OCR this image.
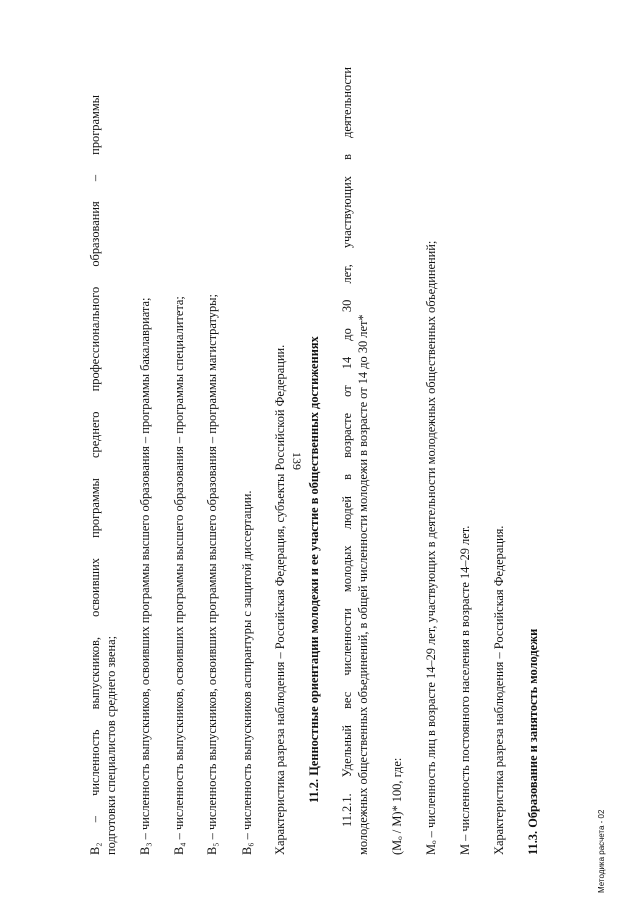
139
В₂ – численность выпускников, освоивших программы среднего профессионального образования – программы подготовки специалистов среднего звена; В₃ – численность выпускников, освоивших программы высшего образования – программы бакалавриата; В₄ – численность выпускников, освоивших программы высшего образования – программы специалитета; В₅ – численность выпускников, освоивших программы высшего образования – программы магистратуры; В₆ – численность выпускников аспирантуры с защитой диссертации. Характеристика разреза наблюдения – Российская Федерация, субъекты Российской Федерации. 11.2. Ценностные ориентации молодежи и ее участие в общественных достижениях 11.2.1. Удельный вес численности молодых людей в возрасте от 14 до 30 лет, участвующих в деятельности молодежных общественных объединений, в общей численности молодежи в возрасте от 14 до 30 лет* (Мₒ / М)* 100, где: Мₒ – численность лиц в возрасте 14–29 лет, участвующих в деятельности молодежных общественных объединений; М – численность постоянного населения в возрасте 14–29 лет. Характеристика разреза наблюдения – Российская Федерация. 11.3. Образование и занятость молодежи	Методика расчета - 02
